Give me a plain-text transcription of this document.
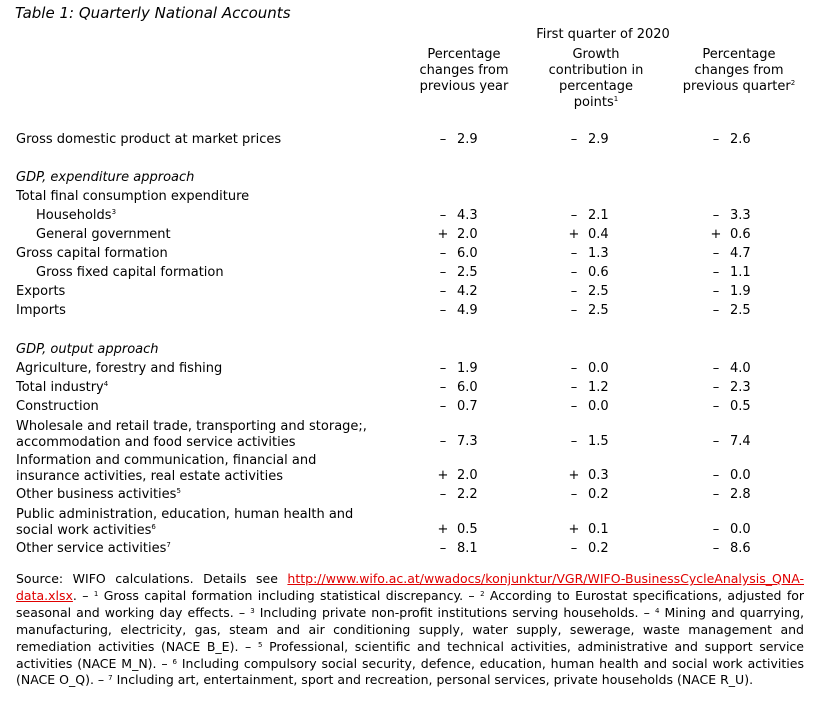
Table 1: Quarterly National Accounts
First quarter of 2020
Percentage changes from previous year
Growth contribution in percentage points$^1$
Percentage changes from previous quarter$^2$
Gross domestic product at market prices	– 2.9	– 2.9	– 2.6
GDP, expenditure approach
Total final consumption expenditure
Households$^3$	– 4.3	– 2.1	– 3.3
General government	+ 2.0	+ 0.4	+ 0.6
Gross capital formation	– 6.0	– 1.3	– 4.7
Gross fixed capital formation	– 2.5	– 0.6	– 1.1
Exports	– 4.2	– 2.5	– 1.9
Imports	– 4.9	– 2.5	– 2.5
GDP, output approach
Agriculture, forestry and fishing	– 1.9	– 0.0	– 4.0
Total industry$^4$	– 6.0	– 1.2	– 2.3
Construction	– 0.7	– 0.0	– 0.5
Wholesale and retail trade, transporting and storage;,
accommodation and food service activities	– 7.3	– 1.5	– 7.4
Information and communication, financial and
insurance activities, real estate activities	+ 2.0	+ 0.3	– 0.0
Other business activities$^5$	– 2.2	– 0.2	– 2.8
Public administration, education, human health and
social work activities$^6$	+ 0.5	+ 0.1	– 0.0
Other service activities$^7$	– 8.1	– 0.2	– 8.6
Source: WIFO calculations. Details see http://www.wifo.ac.at/wwadocs/konjunktur/VGR/WIFO-BusinessCycleAnalysis_QNA-data.xlsx. – $^1$ Gross capital formation including statistical discrepancy. – $^2$ According to Eurostat specifications, adjusted for seasonal and working day effects. – $^3$ Including private non-profit institutions serving households. – $^4$ Mining and quarrying, manufacturing, electricity, gas, steam and air conditioning supply, water supply, sewerage, waste management and remediation activities (NACE B_E). – $^5$ Professional, scientific and technical activities, administrative and support service activities (NACE M_N). – $^6$ Including compulsory social security, defence, education, human health and social work activities (NACE O_Q). – $^7$ Including art, entertainment, sport and recreation, personal services, private households (NACE R_U).
